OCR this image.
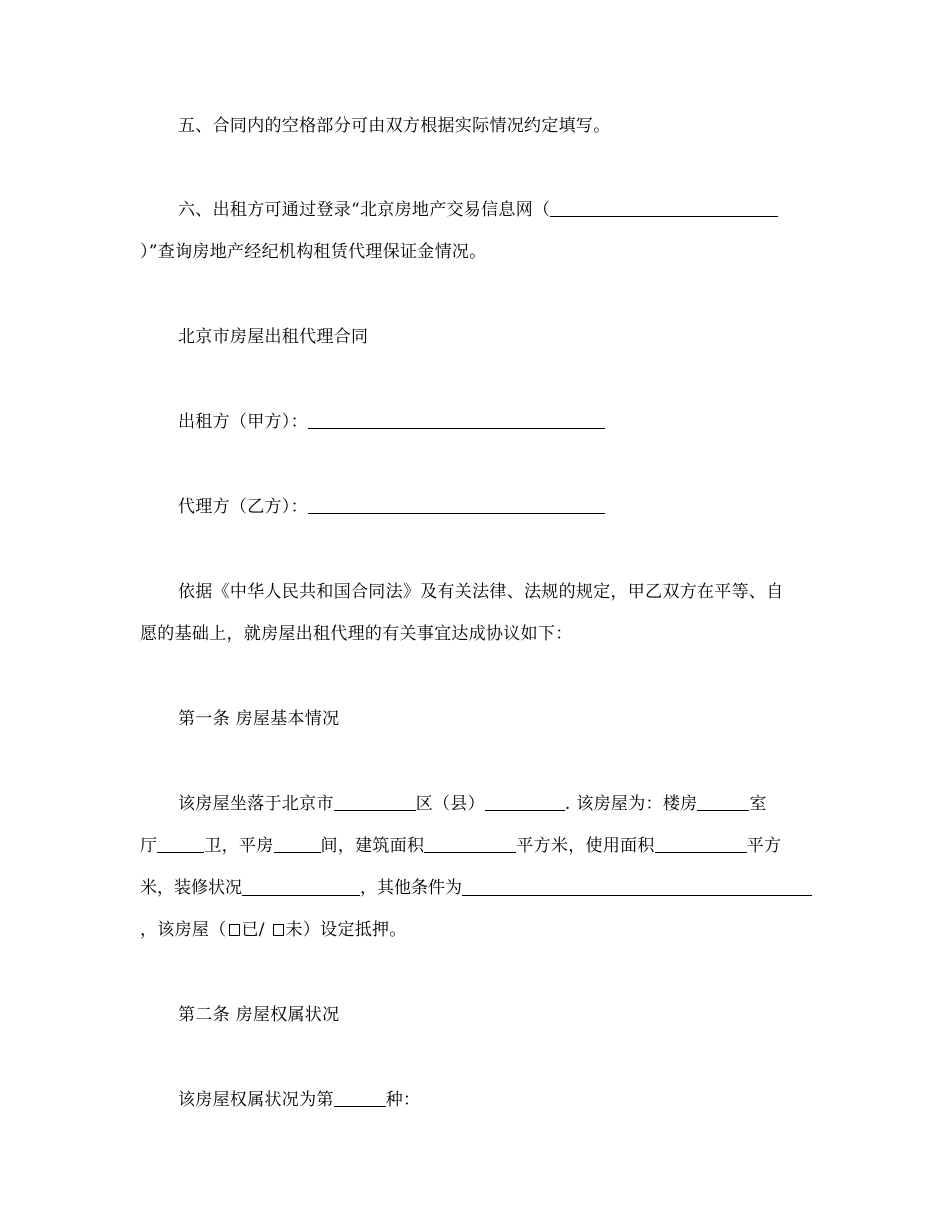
五、合同内的空格部分可由双方根据实际情况约定填写。
六、出租方可通过登录“北京房地产交易信息网（
）”查询房地产经纪机构租赁代理保证金情况。
北京市房屋出租代理合同
出租方（甲方）：
代理方（乙方）：
依据《中华人民共和国合同法》及有关法律、法规的规定，甲乙双方在平等、自
愿的基础上，就房屋出租代理的有关事宜达成协议如下：
第一条 房屋基本情况
该房屋坐落于北京市	区（县）	. 该房屋为：楼房	室
厅	卫，平房	间，建筑面积	平方米，使用面积	平方
米，装修状况	，其他条件为
，该房屋（ 已/ 未）设定抵押。
第二条 房屋权属状况
该房屋权属状况为第	种：
